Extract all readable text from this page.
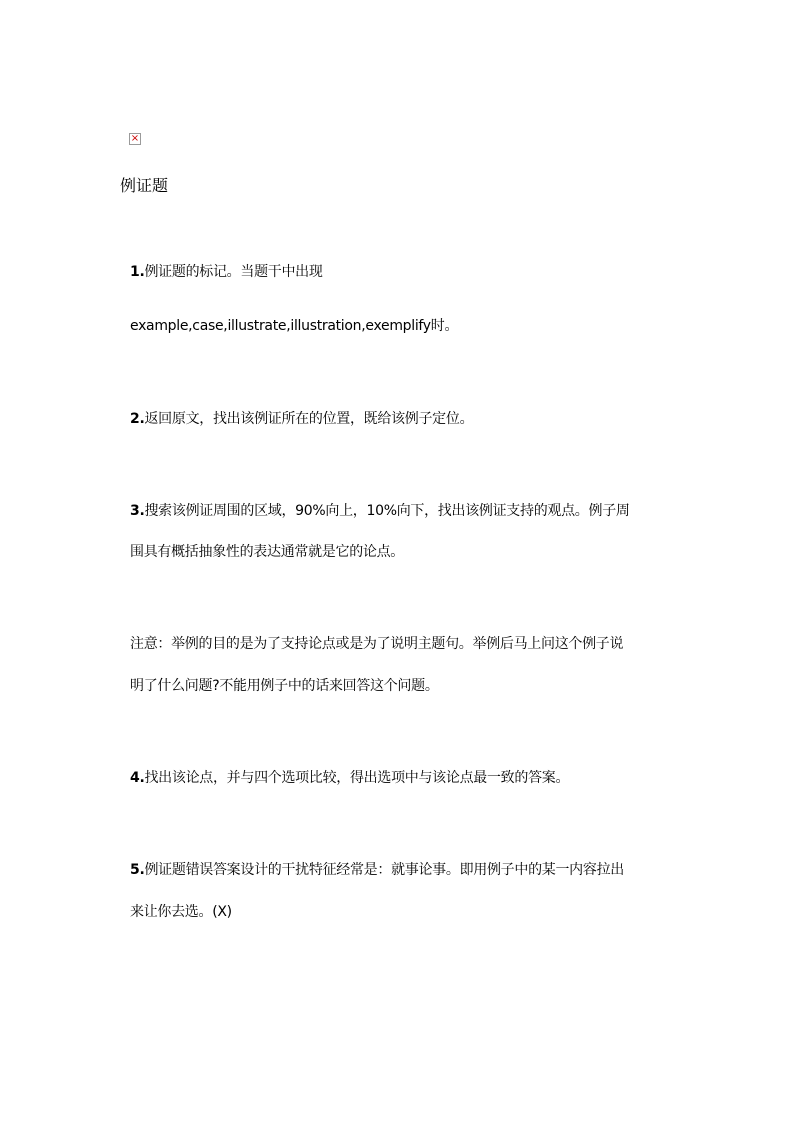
×
例证题
1.例证题的标记。当题干中出现
example,case,illustrate,illustration,exemplify时。
2.返回原文，找出该例证所在的位置，既给该例子定位。
3.搜索该例证周围的区域，90%向上，10%向下，找出该例证支持的观点。例子周
围具有概括抽象性的表达通常就是它的论点。
注意：举例的目的是为了支持论点或是为了说明主题句。举例后马上问这个例子说
明了什么问题?不能用例子中的话来回答这个问题。
4.找出该论点，并与四个选项比较，得出选项中与该论点最一致的答案。
5.例证题错误答案设计的干扰特征经常是：就事论事。即用例子中的某一内容拉出
来让你去选。(X)
